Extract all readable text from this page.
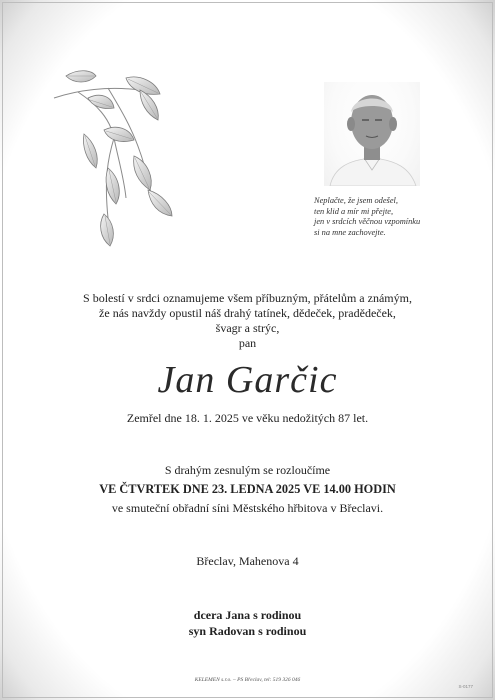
Neplačte, že jsem odešel,
ten klid a mír mi přejte,
jen v srdcích věčnou vzpomínku
si na mne zachovejte.
S bolestí v srdci oznamujeme všem příbuzným, přátelům a známým,
že nás navždy opustil náš drahý tatínek, dědeček, pradědeček,
švagr a strýc,
pan
Jan Garčic
Zemřel dne 18. 1. 2025 ve věku nedožitých 87 let.
S drahým zesnulým se rozloučíme
VE ČTVRTEK DNE 23. LEDNA 2025 VE 14.00 HODIN
ve smuteční obřadní síni Městského hřbitova v Břeclavi.
Břeclav, Mahenova 4
dcera Jana s rodinou
syn Radovan s rodinou
KELEMEN s.r.o. – PS Břeclav, tel: 519 326 046
S-0177
